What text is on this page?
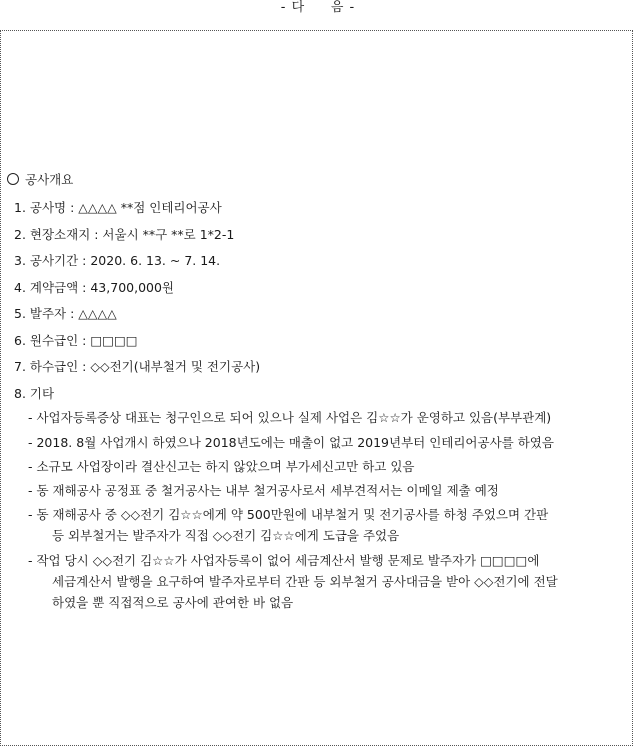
- 다     음 -
공사개요
1. 공사명 : △△△△ **점 인테리어공사
2. 현장소재지 : 서울시 **구 **로 1*2-1
3. 공사기간 : 2020. 6. 13. ~ 7. 14.
4. 계약금액 : 43,700,000원
5. 발주자 : △△△△
6. 원수급인 : □□□□
7. 하수급인 : ◇◇전기(내부철거 및 전기공사)
8. 기타
- 사업자등록증상 대표는 청구인으로 되어 있으나 실제 사업은 김☆☆가 운영하고 있음(부부관계)
- 2018. 8월 사업개시 하였으나 2018년도에는 매출이 없고 2019년부터 인테리어공사를 하였음
- 소규모 사업장이라 결산신고는 하지 않았으며 부가세신고만 하고 있음
- 동 재해공사 공정표 중 철거공사는 내부 철거공사로서 세부견적서는 이메일 제출 예정
- 동 재해공사 중 ◇◇전기 김☆☆에게 약 500만원에 내부철거 및 전기공사를 하청 주었으며 간판
등 외부철거는 발주자가 직접 ◇◇전기 김☆☆에게 도급을 주었음
- 작업 당시 ◇◇전기 김☆☆가 사업자등록이 없어 세금계산서 발행 문제로 발주자가 □□□□에
세금계산서 발행을 요구하여 발주자로부터 간판 등 외부철거 공사대금을 받아 ◇◇전기에 전달
하였을 뿐 직접적으로 공사에 관여한 바 없음
